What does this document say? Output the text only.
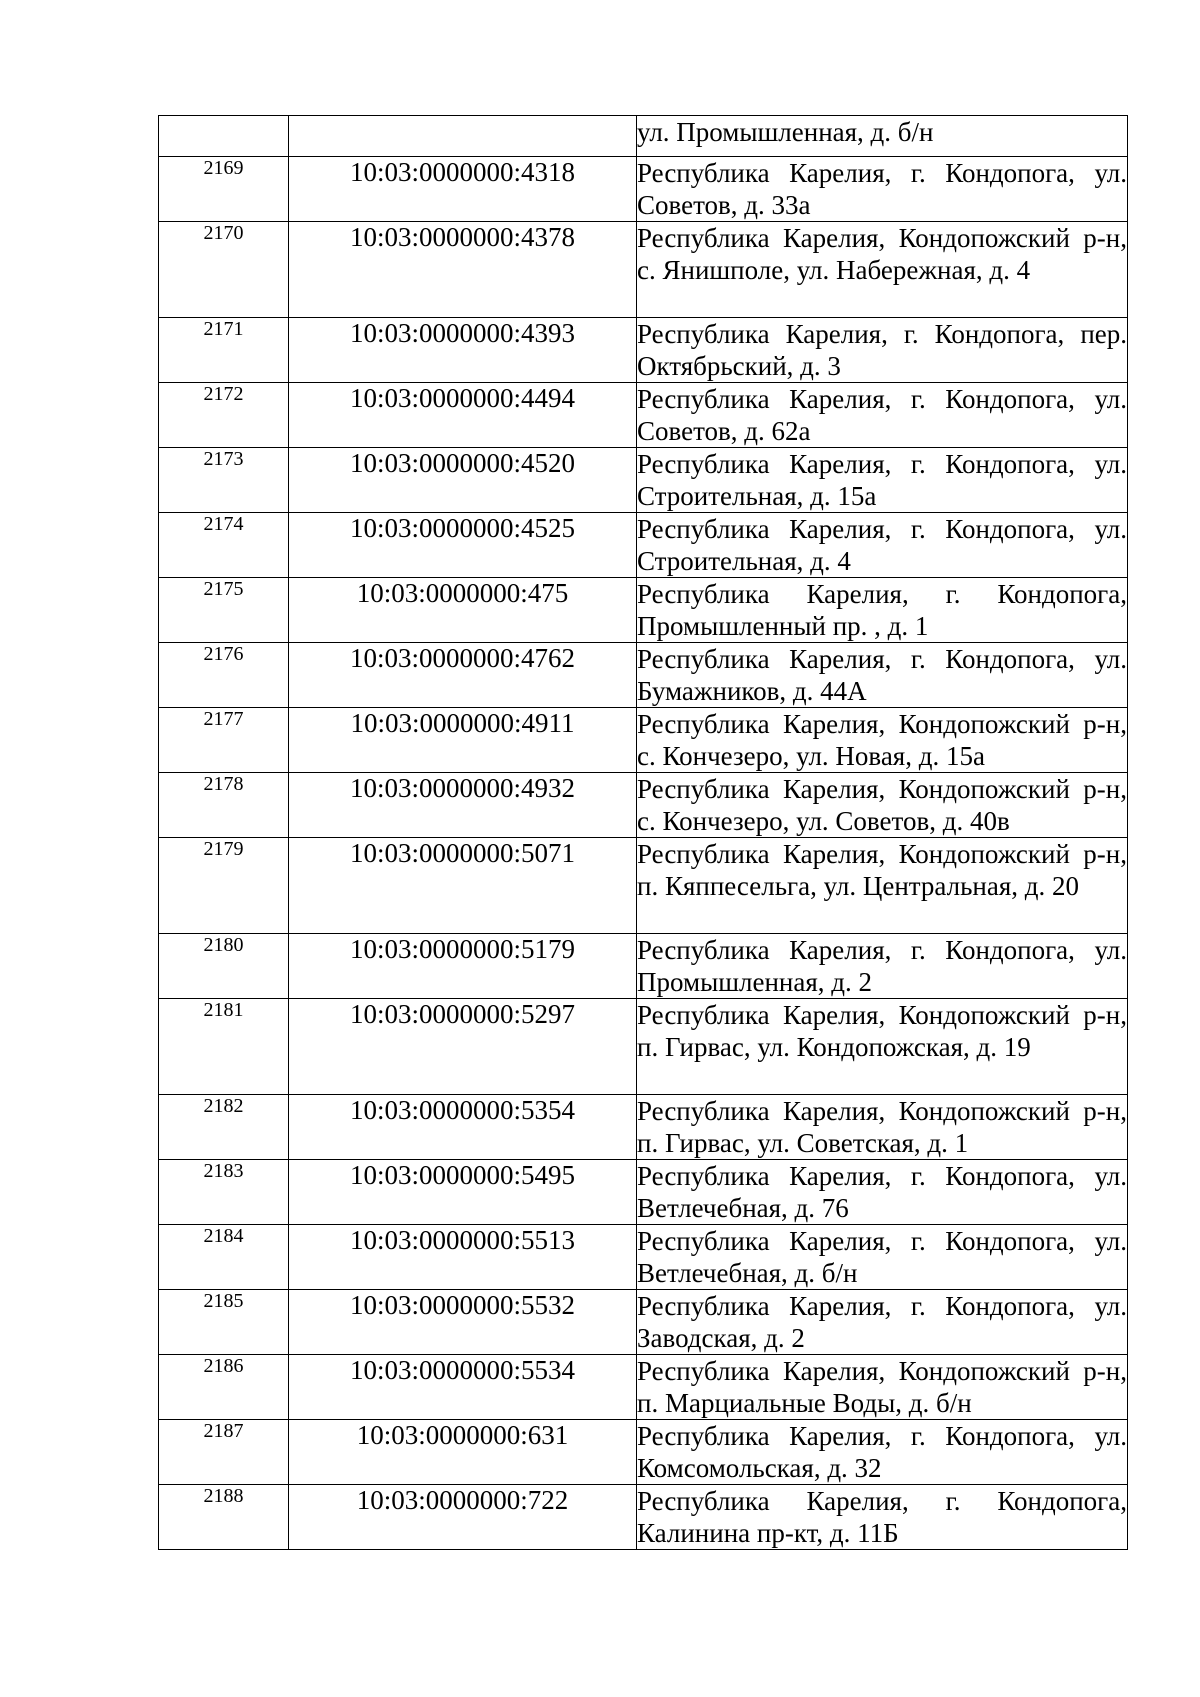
		ул. Промышленная, д. б/н
2169	10:03:0000000:4318	Республика Карелия, г. Кондопога, ул. Советов, д. 33а
2170	10:03:0000000:4378	Республика Карелия, Кондопожский р-н, с. Янишполе, ул. Набережная, д. 4
2171	10:03:0000000:4393	Республика Карелия, г. Кондопога, пер. Октябрьский, д. 3
2172	10:03:0000000:4494	Республика Карелия, г. Кондопога, ул. Советов, д. 62а
2173	10:03:0000000:4520	Республика Карелия, г. Кондопога, ул. Строительная, д. 15а
2174	10:03:0000000:4525	Республика Карелия, г. Кондопога, ул. Строительная, д. 4
2175	10:03:0000000:475	Республика Карелия, г. Кондопога, Промышленный пр. , д. 1
2176	10:03:0000000:4762	Республика Карелия, г. Кондопога, ул. Бумажников, д. 44А
2177	10:03:0000000:4911	Республика Карелия, Кондопожский р-н, с. Кончезеро, ул. Новая, д. 15а
2178	10:03:0000000:4932	Республика Карелия, Кондопожский р-н, с. Кончезеро, ул. Советов, д. 40в
2179	10:03:0000000:5071	Республика Карелия, Кондопожский р-н, п. Кяппесельга, ул. Центральная, д. 20
2180	10:03:0000000:5179	Республика Карелия, г. Кондопога, ул. Промышленная, д. 2
2181	10:03:0000000:5297	Республика Карелия, Кондопожский р-н, п. Гирвас, ул. Кондопожская, д. 19
2182	10:03:0000000:5354	Республика Карелия, Кондопожский р-н, п. Гирвас, ул. Советская, д. 1
2183	10:03:0000000:5495	Республика Карелия, г. Кондопога, ул. Ветлечебная, д. 76
2184	10:03:0000000:5513	Республика Карелия, г. Кондопога, ул. Ветлечебная, д. б/н
2185	10:03:0000000:5532	Республика Карелия, г. Кондопога, ул. Заводская, д. 2
2186	10:03:0000000:5534	Республика Карелия, Кондопожский р-н, п. Марциальные Воды, д. б/н
2187	10:03:0000000:631	Республика Карелия, г. Кондопога, ул. Комсомольская, д. 32
2188	10:03:0000000:722	Республика Карелия, г. Кондопога, Калинина пр-кт, д. 11Б
